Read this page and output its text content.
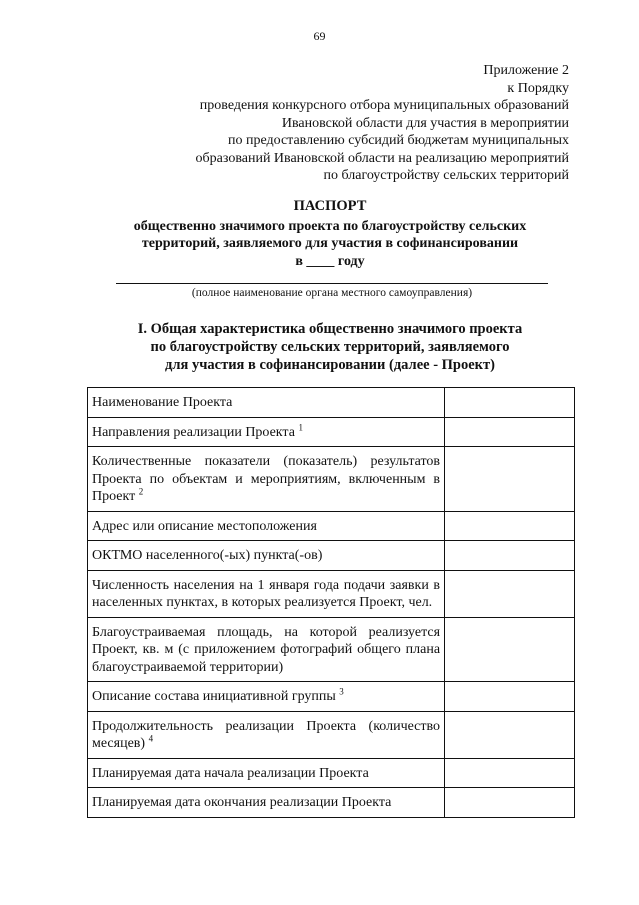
69
Приложение 2
к Порядку
проведения конкурсного отбора муниципальных образований
Ивановской области для участия в мероприятии
по предоставлению субсидий бюджетам муниципальных
образований Ивановской области на реализацию мероприятий
по благоустройству сельских территорий
ПАСПОРТ
общественно значимого проекта по благоустройству сельских
территорий, заявляемого для участия в софинансировании
в ____ году
(полное наименование органа местного самоуправления)
I. Общая характеристика общественно значимого проекта
по благоустройству сельских территорий, заявляемого
для участия в софинансировании (далее - Проект)
Наименование Проекта	
Направления реализации Проекта $^1$	
Количественные показатели (показатель) результатов Проекта по объектам и мероприятиям, включенным в Проект $^2$	
Адрес или описание местоположения	
ОКТМО населенного(-ых) пункта(-ов)	
Численность населения на 1 января года подачи заявки в населенных пунктах, в которых реализуется Проект, чел.	
Благоустраиваемая площадь, на которой реализуется Проект, кв. м (с приложением фотографий общего плана благоустраиваемой территории)	
Описание состава инициативной группы $^3$	
Продолжительность реализации Проекта (количество месяцев) $^4$	
Планируемая дата начала реализации Проекта	
Планируемая дата окончания реализации Проекта	
